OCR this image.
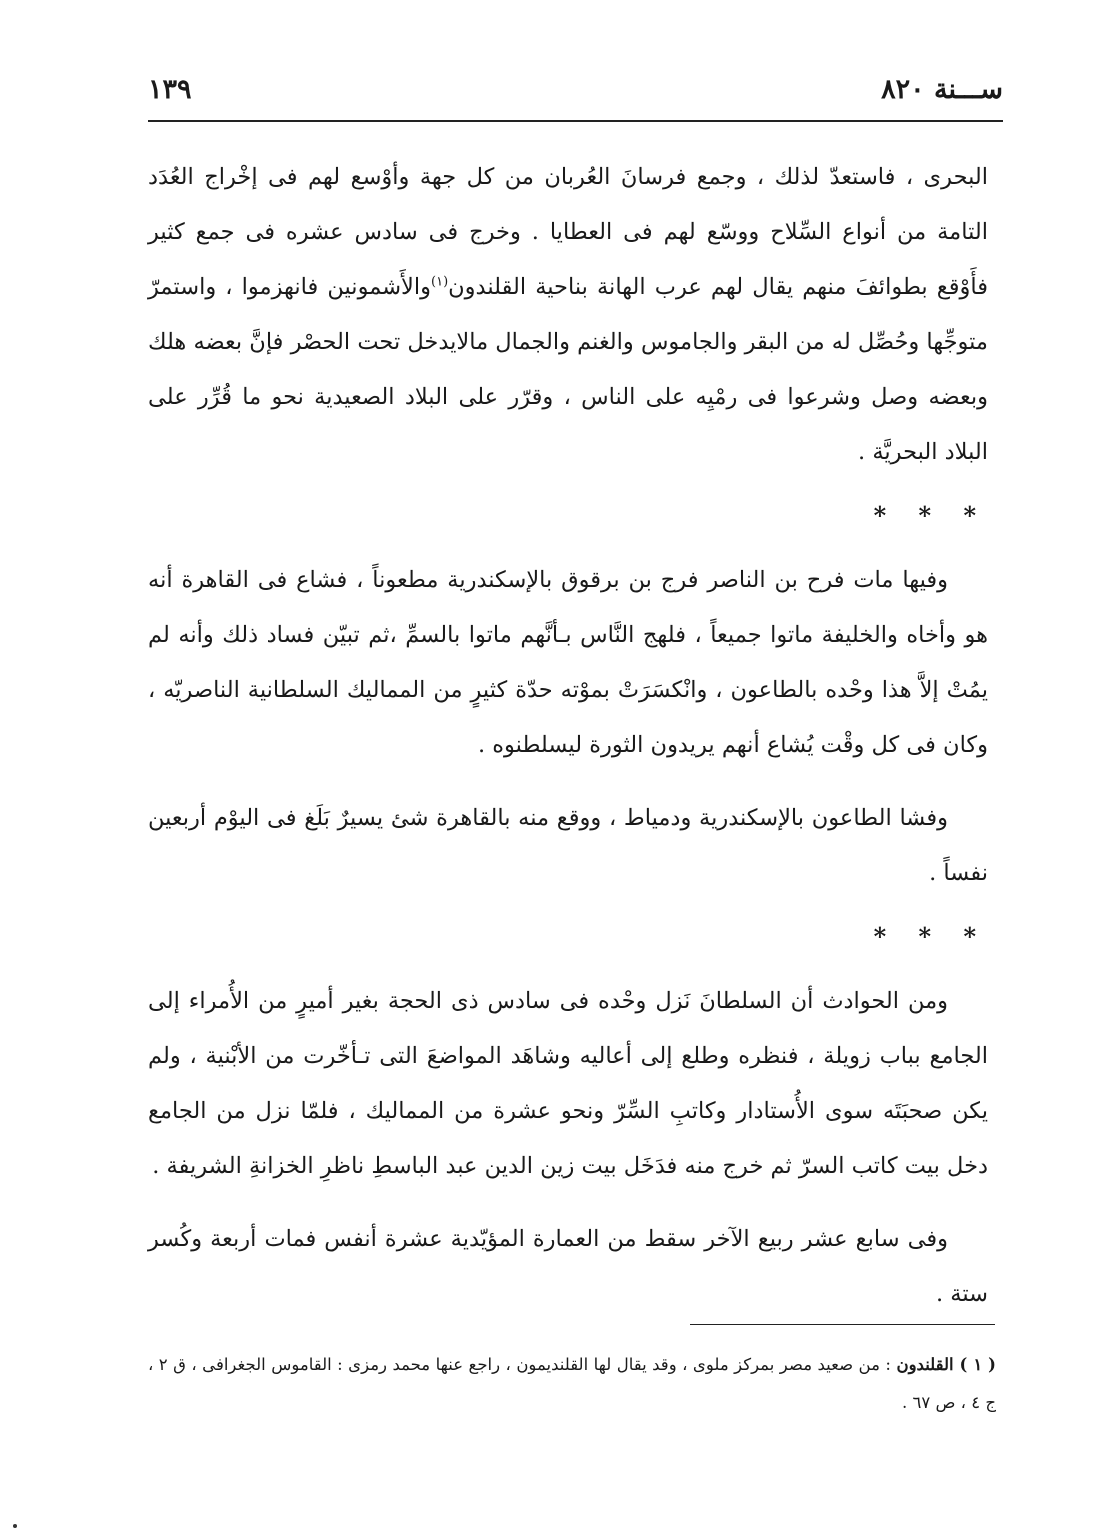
ســـنة ٨٢٠
١٣٩

البحرى ، فاستعدّ لذلك ، وجمع فرسانَ العُربان من كل جهة وأوْسع لهم فى إخْراج العُدَد التامة من أنواع السِّلاح ووسّع لهم فى العطايا . وخرج فى سادس عشره فى جمع كثير فأَوْقع بطوائفَ منهم يقال لهم عرب الهانة بناحية القلندون$^{(١)}$والأَشمونين فانهزموا ، واستمرّ متوجِّها وحُصِّل له من البقر والجاموس والغنم والجمال مالايدخل تحت الحصْر فإنَّ بعضه هلك وبعضه وصل وشرعوا فى رمْيِه على الناس ، وقرّر على البلاد الصعيدية نحو ما قُرِّر على البلاد البحريَّة .

* * *

وفيها مات فرح بن الناصر فرج بن برقوق بالإسكندرية مطعوناً ، فشاع فى القاهرة أنه هو وأخاه والخليفة ماتوا جميعاً ، فلهج النَّاس بـأنَّهم ماتوا بالسمِّ ،ثم تبيّن فساد ذلك وأنه لم يمُتْ إلاَّ هذا وحْده بالطاعون ، وانْكسَرَتْ بموْته حدّة كثيرٍ من المماليك السلطانية الناصريّه ، وكان فى كل وقْت يُشاع أنهم يريدون الثورة ليسلطنوه .

وفشا الطاعون بالإسكندرية ودمياط ، ووقع منه بالقاهرة شئ يسيرٌ بَلَغ فى اليوْم أربعين نفساً .

* * *

ومن الحوادث أن السلطانَ نَزل وحْده فى سادس ذى الحجة بغير أميرٍ من الأُمراء إلى الجامع بباب زويلة ، فنظره وطلع إلى أعاليه وشاهَد المواضعَ التى تـأخّرت من الأبْنية ، ولم يكن صحبَتَه سوى الأُستادار وكاتبِ السِّرّ ونحو عشرة من المماليك ، فلمّا نزل من الجامع دخل بيت كاتب السرّ ثم خرج منه فدَخَل بيت زين الدين عبد الباسطِ ناظرِ الخزانةِ الشريفة .

وفى سابع عشر ربيع الآخر سقط من العمارة المؤيّدية عشرة أنفس فمات أربعة وكُسر ستة .

( ١ ) القلندون : من صعيد مصر بمركز ملوى ، وقد يقال لها القلنديمون ، راجع عنها محمد رمزى : القاموس الجغرافى ، ق ٢ ، ج ٤ ، ص ٦٧ .
